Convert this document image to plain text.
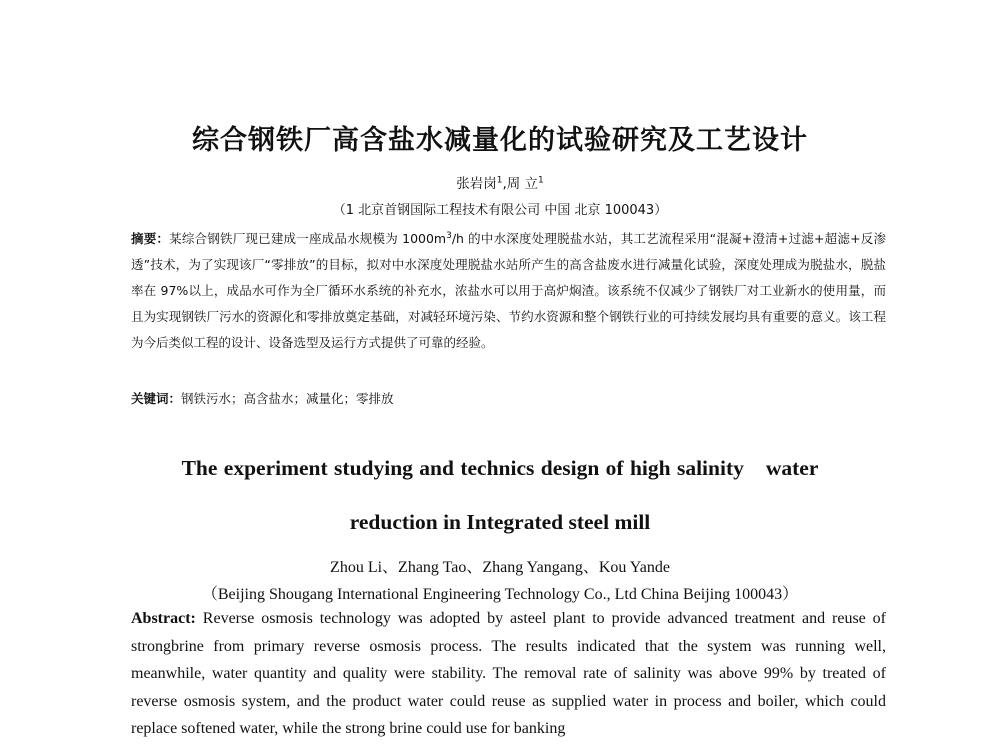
综合钢铁厂高含盐水减量化的试验研究及工艺设计
张岩岗$^1$,周 立$^1$
（1 北京首钢国际工程技术有限公司 中国 北京 100043）
摘要：某综合钢铁厂现已建成一座成品水规模为 $1000m^3/h$ 的中水深度处理脱盐水站，其工艺流程采用“混凝+澄清+过滤+超滤+反渗透”技术，为了实现该厂“零排放”的目标，拟对中水深度处理脱盐水站所产生的高含盐废水进行减量化试验，深度处理成为脱盐水，脱盐率在 97%以上，成品水可作为全厂循环水系统的补充水，浓盐水可以用于高炉焖渣。该系统不仅减少了钢铁厂对工业新水的使用量，而且为实现钢铁厂污水的资源化和零排放奠定基础，对减轻环境污染、节约水资源和整个钢铁行业的可持续发展均具有重要的意义。该工程为今后类似工程的设计、设备选型及运行方式提供了可靠的经验。
关键词：钢铁污水；高含盐水；减量化；零排放
The experiment studying and technics design of high salinity water
reduction in Integrated steel mill
Zhou Li、Zhang Tao、Zhang Yangang、Kou Yande
（Beijing Shougang International Engineering Technology Co., Ltd China Beijing 100043）
Abstract: Reverse osmosis technology was adopted by asteel plant to provide advanced treatment and reuse of strongbrine from primary reverse osmosis process. The results indicated that the system was running well, meanwhile, water quantity and quality were stability. The removal rate of salinity was above 99% by treated of reverse osmosis system, and the product water could reuse as supplied water in process and boiler, which could replace softened water, while the strong brine could use for banking
